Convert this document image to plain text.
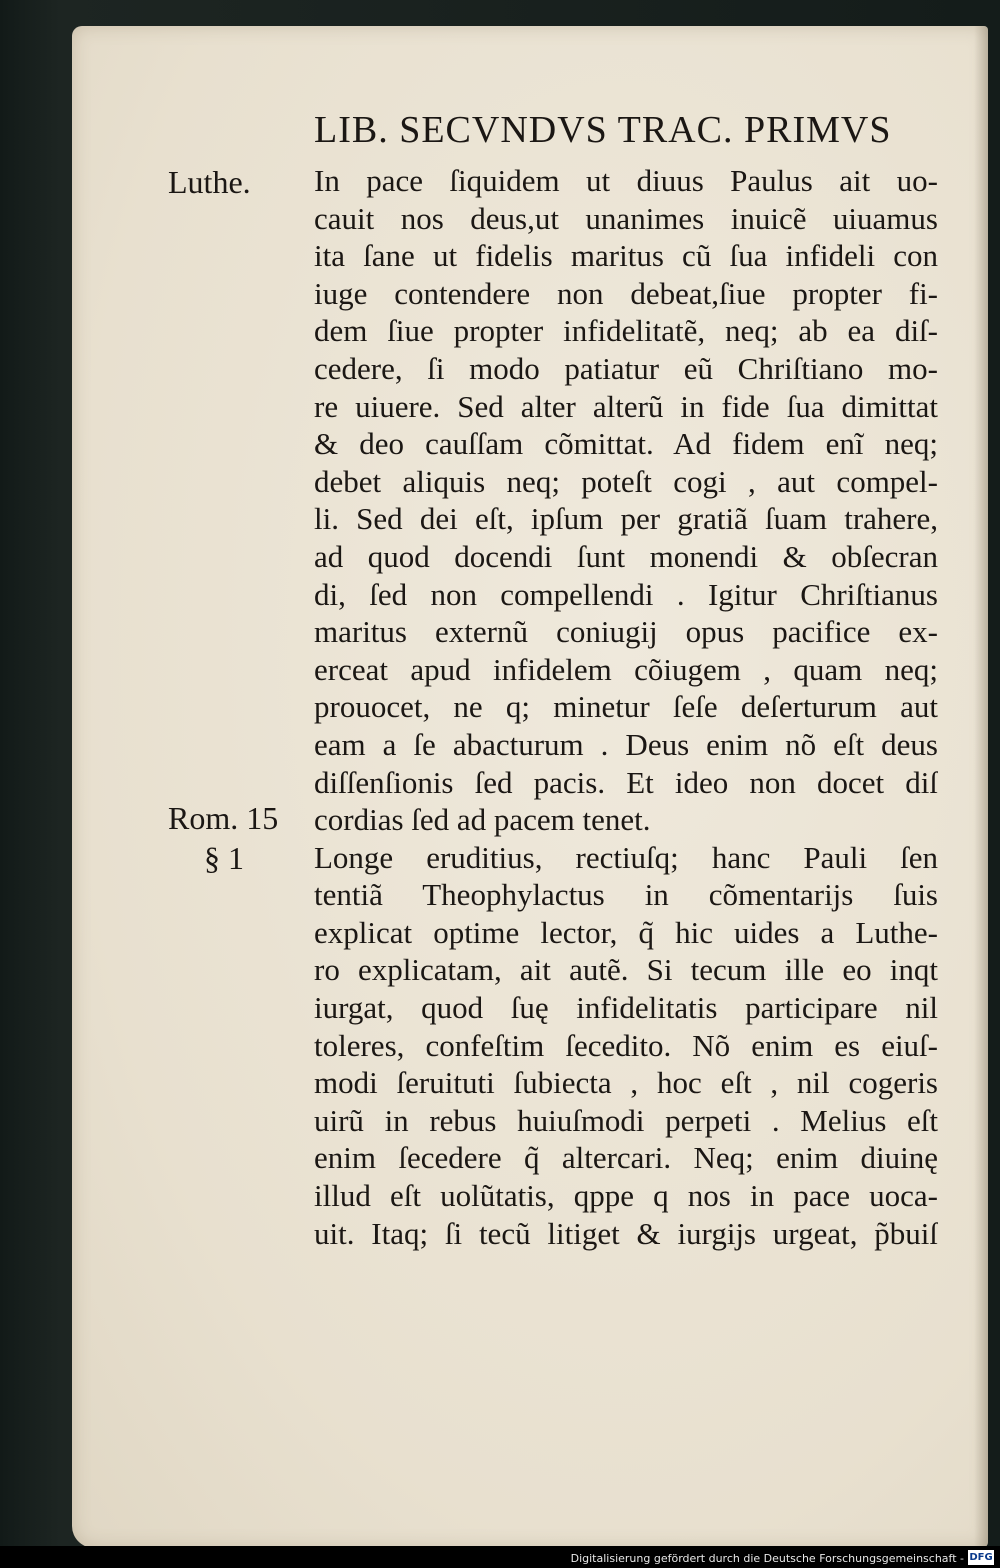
LIB. SECVNDVS TRAC. PRIMVS
Luthe.
Rom. 15
§ 1
In pace ſiquidem ut diuus Paulus ait uo-
cauit nos deus,ut unanimes inuicẽ uiuamus
ita ſane ut fidelis maritus cũ ſua infideli con
iuge contendere non debeat,ſiue propter fi-
dem ſiue propter infidelitatẽ, neq; ab ea diſ-
cedere, ſi modo patiatur eũ Chriſtiano mo-
re uiuere. Sed alter alterũ in fide ſua dimittat
& deo cauſſam cõmittat. Ad fidem enĩ neq;
debet aliquis neq; poteſt cogi , aut compel-
li. Sed dei eſt, ipſum per gratiã ſuam trahere,
ad quod docendi ſunt monendi & obſecran
di, ſed non compellendi . Igitur Chriſtianus
maritus externũ coniugĳ opus pacifice ex-
erceat apud infidelem cõiugem , quam neq;
prouocet, ne q; minetur ſeſe deſerturum aut
eam a ſe abacturum . Deus enim nõ eſt deus
diſſenſionis ſed pacis. Et ideo non docet diſ
cordias ſed ad pacem tenet.
Longe eruditius, rectiuſq; hanc Pauli ſen
tentiã Theophylactus in cõmentarĳs ſuis
explicat optime lector, q̃ hic uides a Luthe-
ro explicatam, ait autẽ. Si tecum ille eo inqt
iurgat, quod ſuę infidelitatis participare nil
toleres, confeſtim ſecedito. Nõ enim es eiuſ-
modi ſeruituti ſubiecta , hoc eſt , nil cogeris
uirũ in rebus huiuſmodi perpeti . Melius eſt
enim ſecedere q̃ altercari. Neq; enim diuinę
illud eſt uolũtatis, qppe q nos in pace uoca-
uit. Itaq; ſi tecũ litiget & iurgĳs urgeat, p̃buiſ
Digitalisierung gefördert durch die Deutsche Forschungsgemeinschaft - DFG
